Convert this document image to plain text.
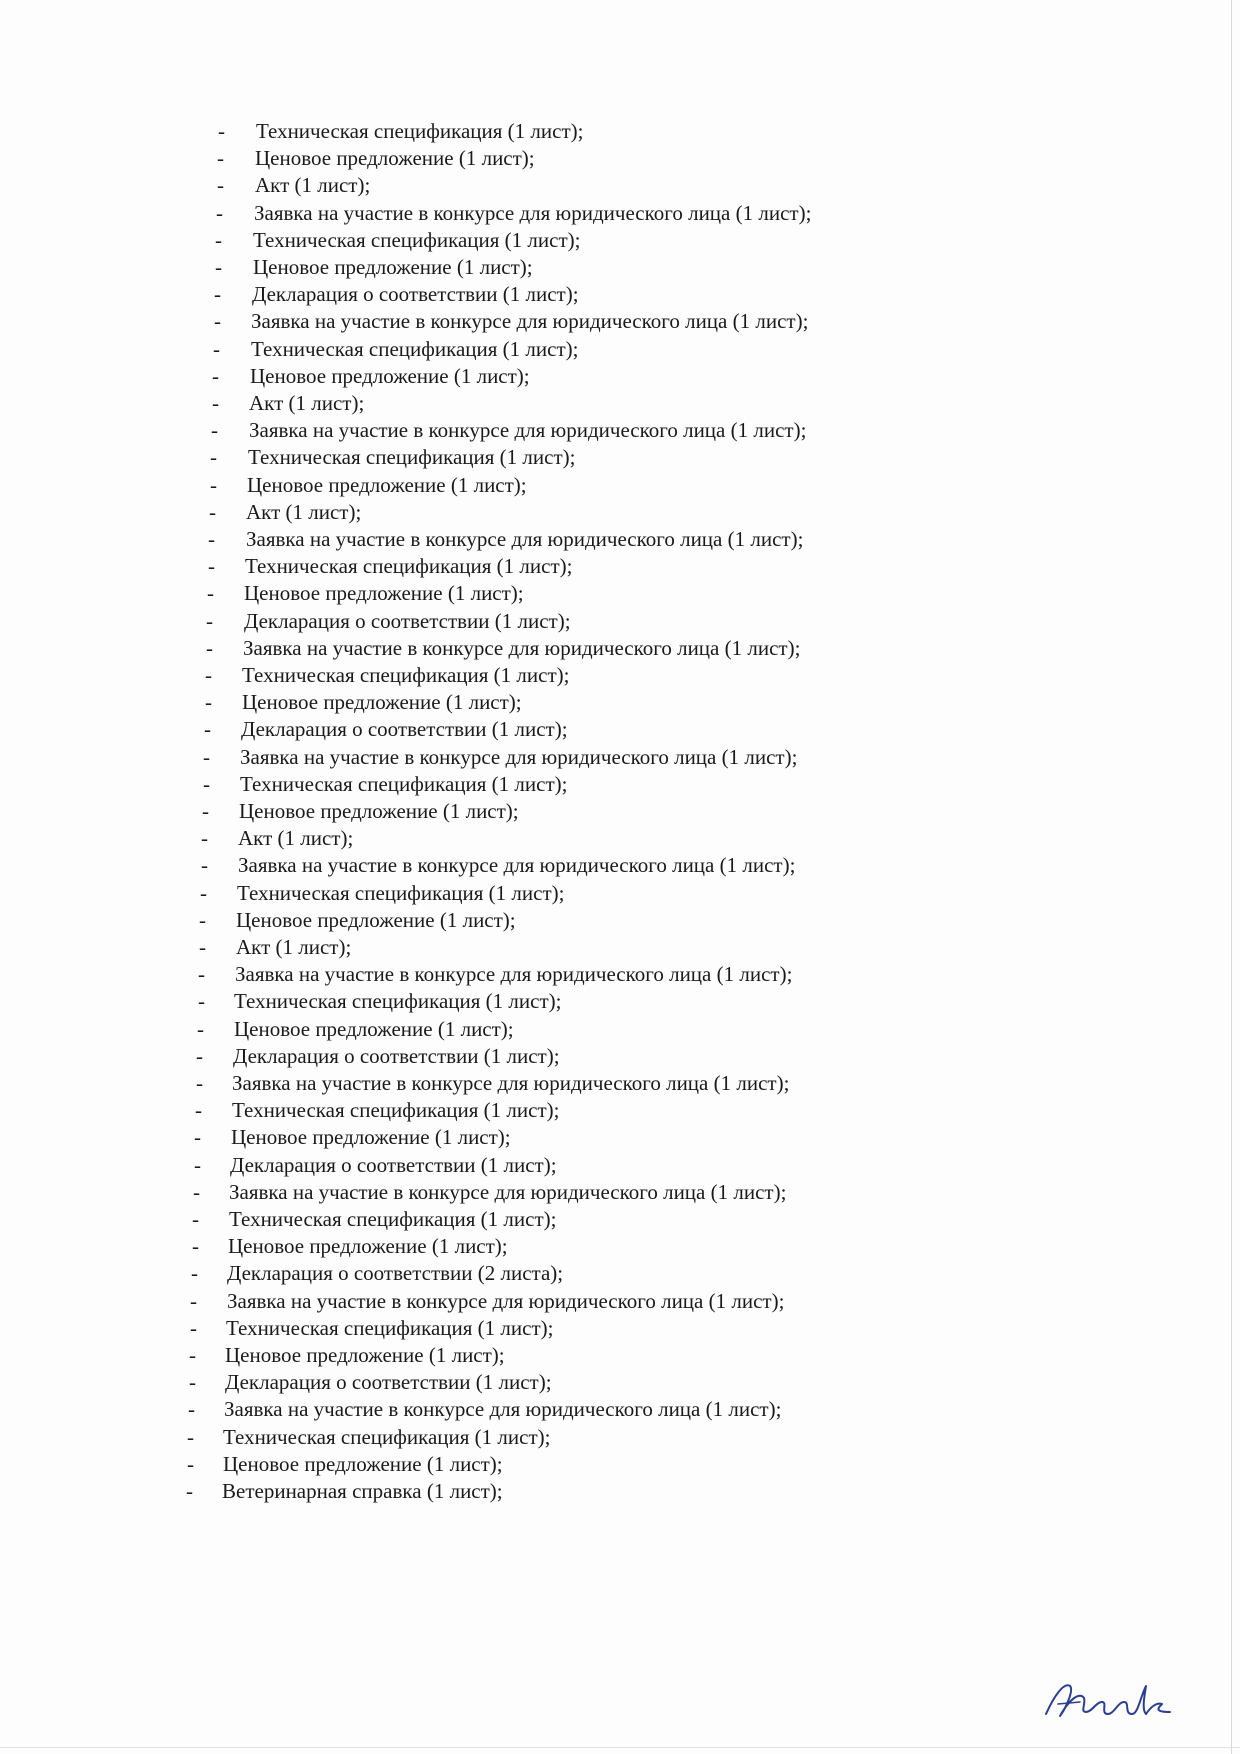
- Техническая спецификация (1 лист);
- Ценовое предложение (1 лист);
- Акт (1 лист);
- Заявка на участие в конкурсе для юридического лица (1 лист);
- Техническая спецификация (1 лист);
- Ценовое предложение (1 лист);
- Декларация о соответствии (1 лист);
- Заявка на участие в конкурсе для юридического лица (1 лист);
- Техническая спецификация (1 лист);
- Ценовое предложение (1 лист);
- Акт (1 лист);
- Заявка на участие в конкурсе для юридического лица (1 лист);
- Техническая спецификация (1 лист);
- Ценовое предложение (1 лист);
- Акт (1 лист);
- Заявка на участие в конкурсе для юридического лица (1 лист);
- Техническая спецификация (1 лист);
- Ценовое предложение (1 лист);
- Декларация о соответствии (1 лист);
- Заявка на участие в конкурсе для юридического лица (1 лист);
- Техническая спецификация (1 лист);
- Ценовое предложение (1 лист);
- Декларация о соответствии (1 лист);
- Заявка на участие в конкурсе для юридического лица (1 лист);
- Техническая спецификация (1 лист);
- Ценовое предложение (1 лист);
- Акт (1 лист);
- Заявка на участие в конкурсе для юридического лица (1 лист);
- Техническая спецификация (1 лист);
- Ценовое предложение (1 лист);
- Акт (1 лист);
- Заявка на участие в конкурсе для юридического лица (1 лист);
- Техническая спецификация (1 лист);
- Ценовое предложение (1 лист);
- Декларация о соответствии (1 лист);
- Заявка на участие в конкурсе для юридического лица (1 лист);
- Техническая спецификация (1 лист);
- Ценовое предложение (1 лист);
- Декларация о соответствии (1 лист);
- Заявка на участие в конкурсе для юридического лица (1 лист);
- Техническая спецификация (1 лист);
- Ценовое предложение (1 лист);
- Декларация о соответствии (2 листа);
- Заявка на участие в конкурсе для юридического лица (1 лист);
- Техническая спецификация (1 лист);
- Ценовое предложение (1 лист);
- Декларация о соответствии (1 лист);
- Заявка на участие в конкурсе для юридического лица (1 лист);
- Техническая спецификация (1 лист);
- Ценовое предложение (1 лист);
- Ветеринарная справка (1 лист);
